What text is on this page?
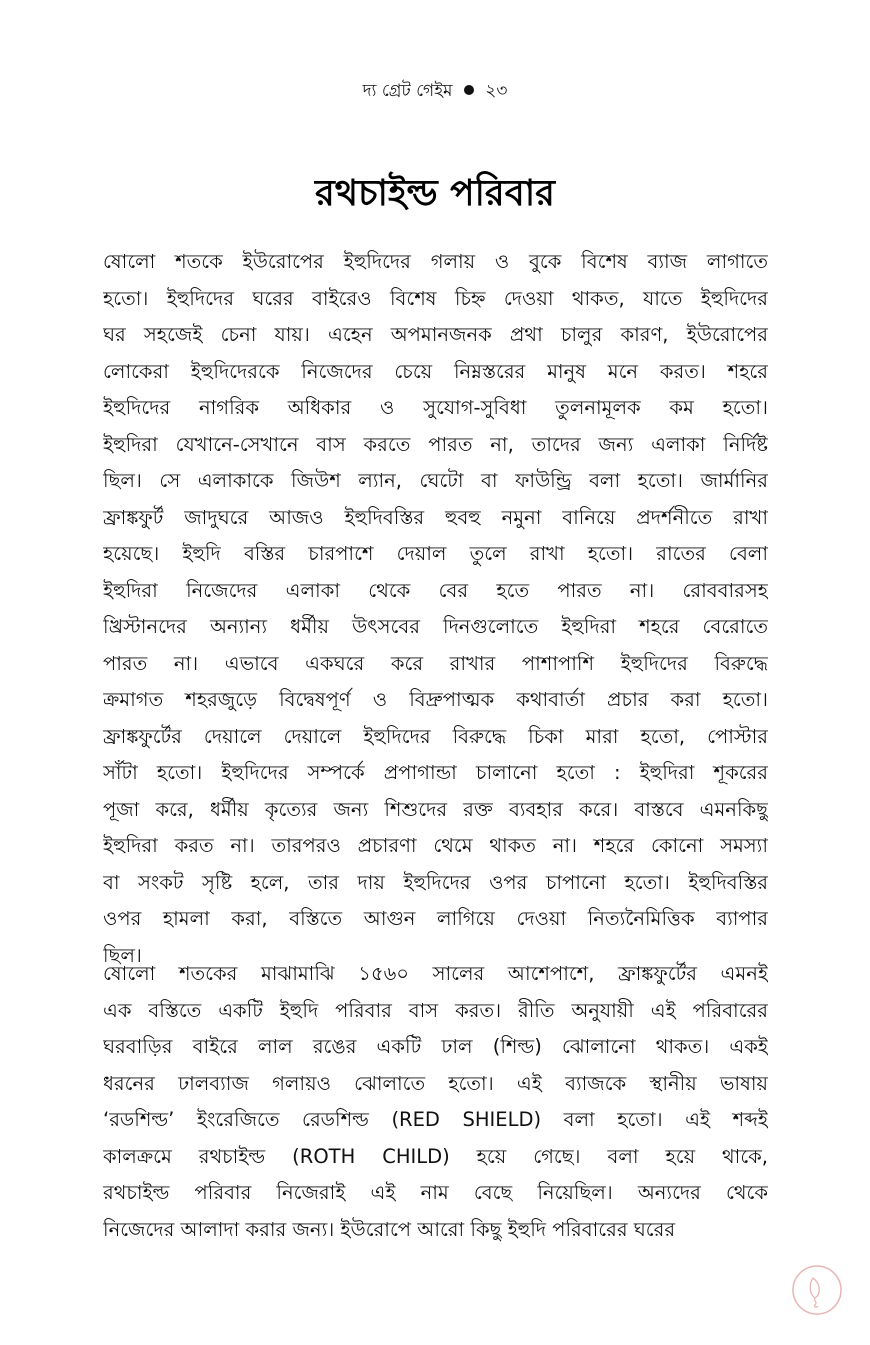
দ্য গ্রেট গেইম ২৩
রথচাইল্ড পরিবার
ষোলো শতকে ইউরোপের ইহুদিদের গলায় ও বুকে বিশেষ ব্যাজ লাগাতে
হতো। ইহুদিদের ঘরের বাইরেও বিশেষ চিহ্ন দেওয়া থাকত, যাতে ইহুদিদের
ঘর সহজেই চেনা যায়। এহেন অপমানজনক প্রথা চালুর কারণ, ইউরোপের
লোকেরা ইহুদিদেরকে নিজেদের চেয়ে নিম্নস্তরের মানুষ মনে করত। শহরে
ইহুদিদের নাগরিক অধিকার ও সুযোগ-সুবিধা তুলনামূলক কম হতো।
ইহুদিরা যেখানে-সেখানে বাস করতে পারত না, তাদের জন্য এলাকা নির্দিষ্ট
ছিল। সে এলাকাকে জিউশ ল্যান, ঘেটো বা ফাউন্ড্রি বলা হতো। জার্মানির
ফ্রাঙ্কফুর্ট জাদুঘরে আজও ইহুদিবস্তির হুবহু নমুনা বানিয়ে প্রদর্শনীতে রাখা
হয়েছে। ইহুদি বস্তির চারপাশে দেয়াল তুলে রাখা হতো। রাতের বেলা
ইহুদিরা নিজেদের এলাকা থেকে বের হতে পারত না। রোববারসহ
খ্রিস্টানদের অন্যান্য ধর্মীয় উৎসবের দিনগুলোতে ইহুদিরা শহরে বেরোতে
পারত না। এভাবে একঘরে করে রাখার পাশাপাশি ইহুদিদের বিরুদ্ধে
ক্রমাগত শহরজুড়ে বিদ্বেষপূর্ণ ও বিদ্রুপাত্মক কথাবার্তা প্রচার করা হতো।
ফ্রাঙ্কফুর্টের দেয়ালে দেয়ালে ইহুদিদের বিরুদ্ধে চিকা মারা হতো, পোস্টার
সাঁটা হতো। ইহুদিদের সম্পর্কে প্রপাগান্ডা চালানো হতো : ইহুদিরা শূকরের
পূজা করে, ধর্মীয় কৃত্যের জন্য শিশুদের রক্ত ব্যবহার করে। বাস্তবে এমনকিছু
ইহুদিরা করত না। তারপরও প্রচারণা থেমে থাকত না। শহরে কোনো সমস্যা
বা সংকট সৃষ্টি হলে, তার দায় ইহুদিদের ওপর চাপানো হতো। ইহুদিবস্তির
ওপর হামলা করা, বস্তিতে আগুন লাগিয়ে দেওয়া নিত্যনৈমিত্তিক ব্যাপার
ছিল।
ষোলো শতকের মাঝামাঝি ১৫৬০ সালের আশেপাশে, ফ্রাঙ্কফুর্টের এমনই
এক বস্তিতে একটি ইহুদি পরিবার বাস করত। রীতি অনুযায়ী এই পরিবারের
ঘরবাড়ির বাইরে লাল রঙের একটি ঢাল (শিল্ড) ঝোলানো থাকত। একই
ধরনের ঢালব্যাজ গলায়ও ঝোলাতে হতো। এই ব্যাজকে স্থানীয় ভাষায়
‘রডশিল্ড’ ইংরেজিতে রেডশিল্ড (RED SHIELD) বলা হতো। এই শব্দই
কালক্রমে রথচাইল্ড (ROTH CHILD) হয়ে গেছে। বলা হয়ে থাকে,
রথচাইল্ড পরিবার নিজেরাই এই নাম বেছে নিয়েছিল। অন্যদের থেকে
নিজেদের আলাদা করার জন্য। ইউরোপে আরো কিছু ইহুদি পরিবারের ঘরের
